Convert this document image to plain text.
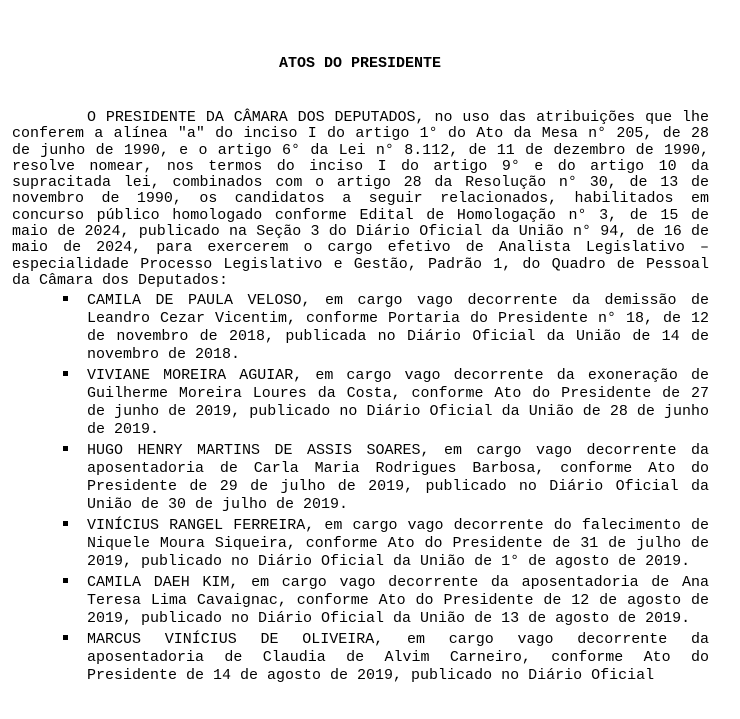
ATOS DO PRESIDENTE

O PRESIDENTE DA CÂMARA DOS DEPUTADOS, no uso das atribuições que lhe conferem a alínea "a" do inciso I do artigo 1° do Ato da Mesa n° 205, de 28 de junho de 1990, e o artigo 6° da Lei n° 8.112, de 11 de dezembro de 1990, resolve nomear, nos termos do inciso I do artigo 9° e do artigo 10 da supracitada lei, combinados com o artigo 28 da Resolução n° 30, de 13 de novembro de 1990, os candidatos a seguir relacionados, habilitados em concurso público homologado conforme Edital de Homologação n° 3, de 15 de maio de 2024, publicado na Seção 3 do Diário Oficial da União n° 94, de 16 de maio de 2024, para exercerem o cargo efetivo de Analista Legislativo – especialidade Processo Legislativo e Gestão, Padrão 1, do Quadro de Pessoal da Câmara dos Deputados:

CAMILA DE PAULA VELOSO, em cargo vago decorrente da demissão de Leandro Cezar Vicentim, conforme Portaria do Presidente n° 18, de 12 de novembro de 2018, publicada no Diário Oficial da União de 14 de novembro de 2018.
VIVIANE MOREIRA AGUIAR, em cargo vago decorrente da exoneração de Guilherme Moreira Loures da Costa, conforme Ato do Presidente de 27 de junho de 2019, publicado no Diário Oficial da União de 28 de junho de 2019.
HUGO HENRY MARTINS DE ASSIS SOARES, em cargo vago decorrente da aposentadoria de Carla Maria Rodrigues Barbosa, conforme Ato do Presidente de 29 de julho de 2019, publicado no Diário Oficial da União de 30 de julho de 2019.
VINÍCIUS RANGEL FERREIRA, em cargo vago decorrente do falecimento de Niquele Moura Siqueira, conforme Ato do Presidente de 31 de julho de 2019, publicado no Diário Oficial da União de 1° de agosto de 2019.
CAMILA DAEH KIM, em cargo vago decorrente da aposentadoria de Ana Teresa Lima Cavaignac, conforme Ato do Presidente de 12 de agosto de 2019, publicado no Diário Oficial da União de 13 de agosto de 2019.
MARCUS VINÍCIUS DE OLIVEIRA, em cargo vago decorrente da aposentadoria de Claudia de Alvim Carneiro, conforme Ato do Presidente de 14 de agosto de 2019, publicado no Diário Oficial
